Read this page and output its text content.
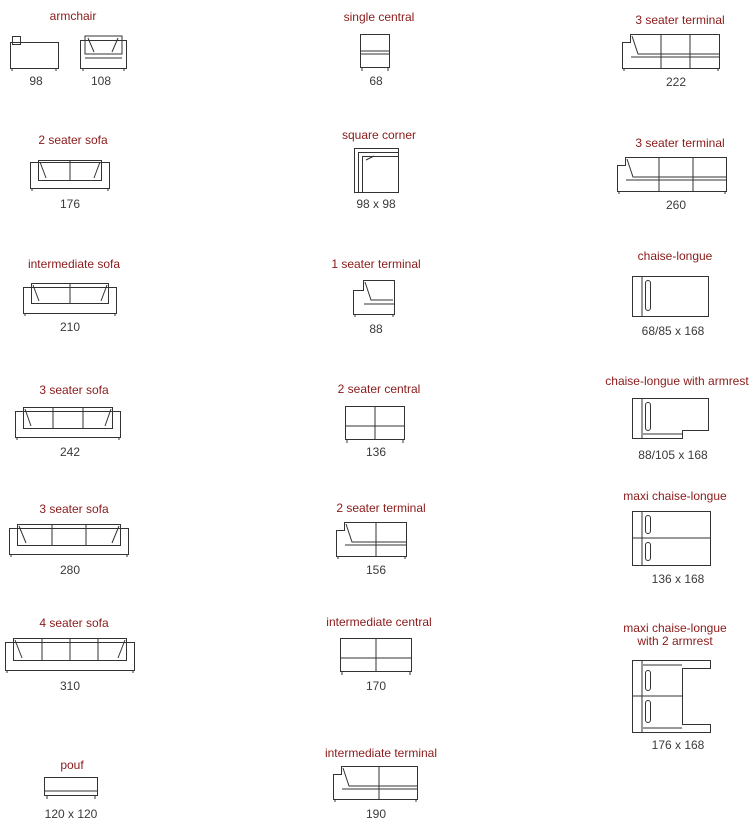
armchair
98	108
2 seater sofa
176
intermediate sofa
210
3 seater sofa
242
3 seater sofa
280
4 seater sofa
310
pouf
120 x 120
single central
68
square corner
98 x 98
1 seater terminal
88
2 seater central
136
2 seater terminal
156
intermediate central
170
intermediate terminal
190
3 seater terminal
222
3 seater terminal
260
chaise-longue
68/85 x 168
chaise-longue with armrest
88/105 x 168
maxi chaise-longue
136 x 168
maxi chaise-longue
with 2 armrest
176 x 168
